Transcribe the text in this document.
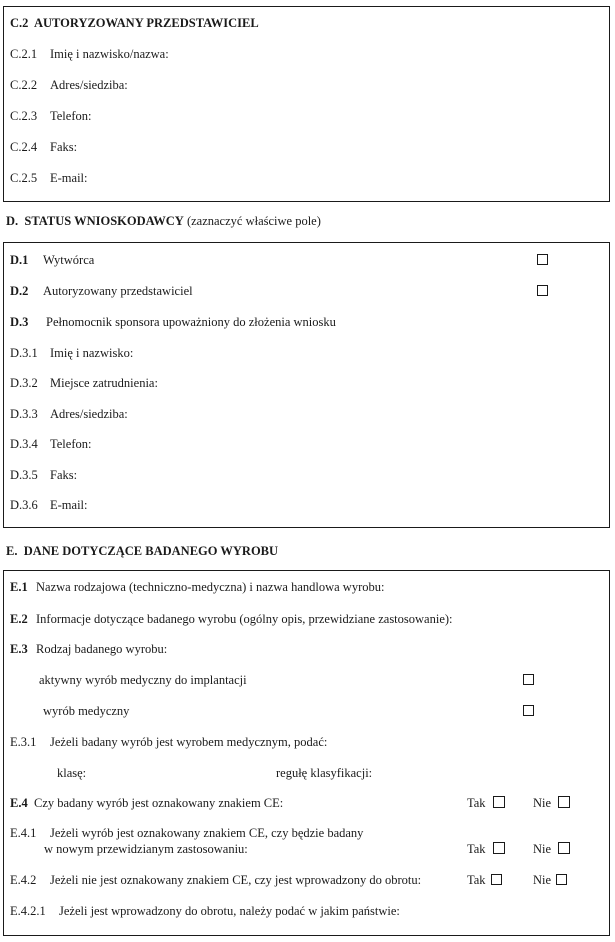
C.2 AUTORYZOWANY PRZEDSTAWICIEL
C.2.1 Imię i nazwisko/nazwa:
C.2.2 Adres/siedziba:
C.2.3 Telefon:
C.2.4 Faks:
C.2.5 E-mail:
D. STATUS WNIOSKODAWCY (zaznaczyć właściwe pole)
D.1 Wytwórca
D.2 Autoryzowany przedstawiciel
D.3 Pełnomocnik sponsora upoważniony do złożenia wniosku
D.3.1 Imię i nazwisko:
D.3.2 Miejsce zatrudnienia:
D.3.3 Adres/siedziba:
D.3.4 Telefon:
D.3.5 Faks:
D.3.6 E-mail:
E. DANE DOTYCZĄCE BADANEGO WYROBU
E.1 Nazwa rodzajowa (techniczno-medyczna) i nazwa handlowa wyrobu:
E.2 Informacje dotyczące badanego wyrobu (ogólny opis, przewidziane zastosowanie):
E.3 Rodzaj badanego wyrobu:
aktywny wyrób medyczny do implantacji
wyrób medyczny
E.3.1 Jeżeli badany wyrób jest wyrobem medycznym, podać:
klasę:	regułę klasyfikacji:
E.4 Czy badany wyrób jest oznakowany znakiem CE:	Tak	Nie
E.4.1 Jeżeli wyrób jest oznakowany znakiem CE, czy będzie badany
w nowym przewidzianym zastosowaniu:	Tak	Nie
E.4.2 Jeżeli nie jest oznakowany znakiem CE, czy jest wprowadzony do obrotu:	Tak	Nie
E.4.2.1 Jeżeli jest wprowadzony do obrotu, należy podać w jakim państwie:
